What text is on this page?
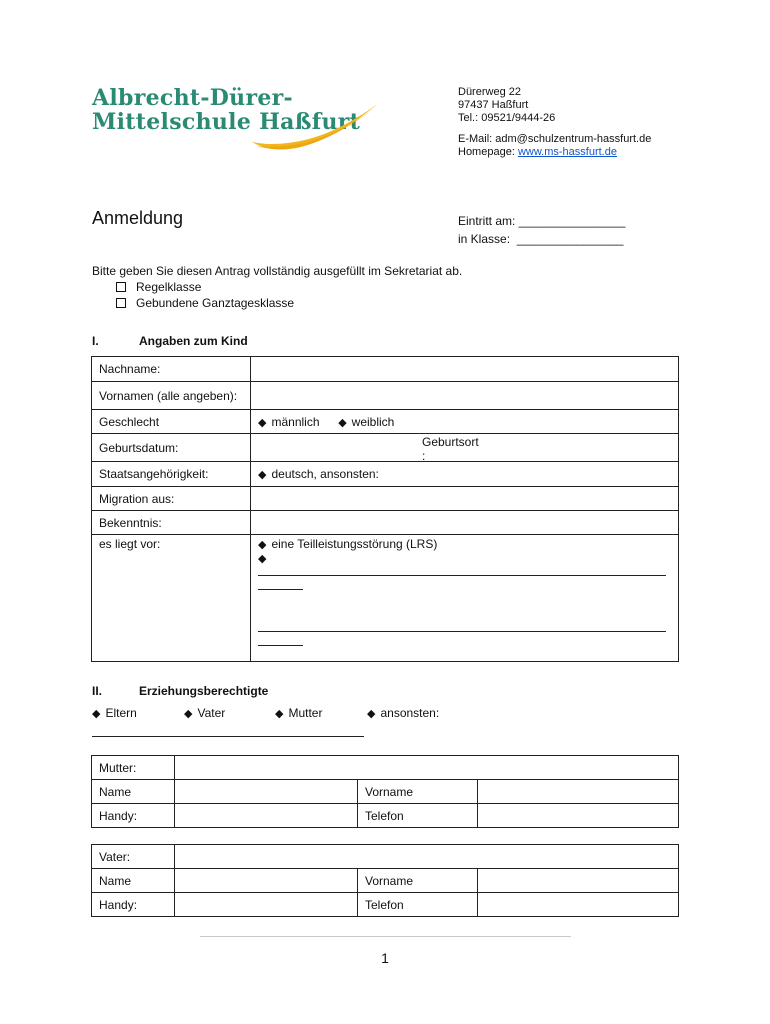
Albrecht-Dürer-
Mittelschule Haßfurt
Dürerweg 22
97437 Haßfurt
Tel.: 09521/9444-26
E-Mail: adm@schulzentrum-hassfurt.de
Homepage: www.ms-hassfurt.de
Anmeldung	Eintritt am: ________________
in Klasse:  ________________
Bitte geben Sie diesen Antrag vollständig ausgefüllt im Sekretariat ab.
Regelklasse
Gebundene Ganztagesklasse
I.	Angaben zum Kind
Nachname:	
Vornamen (alle angeben):	
Geschlecht	◆ männlich ◆ weiblich
Geburtsdatum:	Geburtsort
:

Staatsangehörigkeit:	◆ deutsch, ansonsten:
Migration aus:	
Bekenntnis:	
es liegt vor:	◆ eine Teilleistungsstörung (LRS)
◆
II.	Erziehungsberechtigte
◆ Eltern	◆ Vater	◆ Mutter	◆ ansonsten:
Mutter:			
Name		Vorname	
Handy:		Telefon	
Vater:			
Name		Vorname	
Handy:		Telefon	
1
